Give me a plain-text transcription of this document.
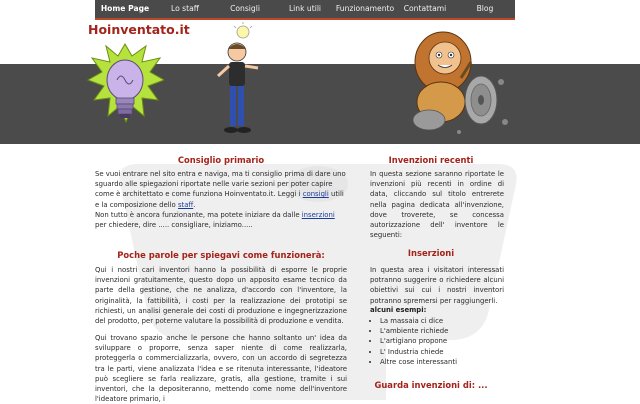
Home Page	Lo staff	Consigli	Link utili	Funzionamento	Contattami	Blog
Hoinventato.it
Consiglio primario

Se vuoi entrare nel sito entra e naviga, ma ti consiglio prima di dare uno sguardo alle spiegazioni riportate nelle varie sezioni per poter capire come è architettato e come funziona Hoinventato.it. Leggi i consigli utili e la composizione dello staff.
Non tutto è ancora funzionante, ma potete iniziare da dalle inserzioni per chiedere, dire ..... consigliare, iniziamo.....

Poche parole per spiegavi come funzionerà:

Qui i nostri cari inventori hanno la possibilità di esporre le proprie invenzioni gratuitamente, questo dopo un apposito esame tecnico da parte della gestione, che ne analizza, d'accordo con l'inventore, la originalità, la fattibilità, i costi per la realizzazione dei prototipi se richiesti, un analisi generale dei costi di produzione e ingegnerizzazione del prodotto, per poterne valutare la possibilità di produzione e vendita.

Qui trovano spazio anche le persone che hanno soltanto un' idea da sviluppare o proporre, senza saper niente di come realizzarla, proteggerla o commercializzarla, ovvero, con un accordo di segretezza tra le parti, viene analizzata l'idea e se ritenuta interessante, l'ideatore può scegliere se farla realizzare, gratis, alla gestione, tramite i sui inventori, che la depositeranno, mettendo come nome dell'inventore l'ideatore primario, i

Invenzioni recenti

In questa sezione saranno riportate le invenzioni più recenti in ordine di data, cliccando sul titolo entrerete nella pagina dedicata all'invenzione, dove troverete, se concessa autorizzazione dell' inventore le seguenti:

Inserzioni

In questa area i visitatori interessati potranno suggerire o richiedere alcuni obiettivi sui cui i nostri inventori potranno spremersi per raggiungerli.

alcuni esempi:
• La massaia ci dice
• L'ambiente richiede
• L'artigiano propone
• L' Industria chiede
• Altre cose interessanti
Guarda invenzioni di: ...
